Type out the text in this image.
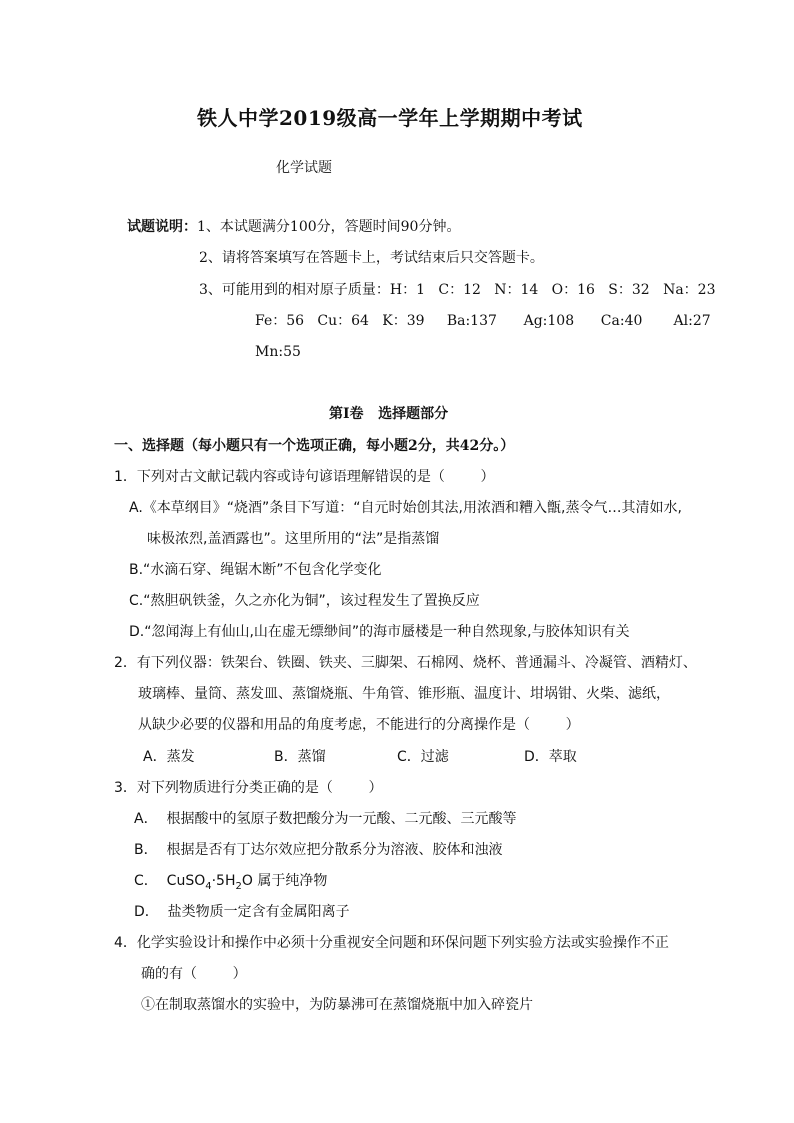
铁人中学2019级高一学年上学期期中考试
化学试题
试题说明：1、本试题满分100分，答题时间90分钟。
2、请将答案填写在答题卡上，考试结束后只交答题卡。
3、可能用到的相对原子质量：H：1   C：12   N：14   O：16   S：32   Na：23
Fe：56   Cu：64   K：39     Ba:137      Ag:108      Ca:40       Al:27
Mn:55
第Ⅰ卷   选择题部分
一、选择题（每小题只有一个选项正确，每小题2分，共42分。）
1．下列对古文献记载内容或诗句谚语理解错误的是（        ）
A.《本草纲目》“烧酒”条目下写道：“自元时始创其法,用浓酒和糟入甑,蒸令气…其清如水,
味极浓烈,盖酒露也”。这里所用的“法”是指蒸馏
B.“水滴石穿、绳锯木断”不包含化学变化
C.“熬胆矾铁釜，久之亦化为铜”，该过程发生了置换反应
D.“忽闻海上有仙山,山在虚无缥缈间”的海市蜃楼是一种自然现象,与胶体知识有关
2．有下列仪器：铁架台、铁圈、铁夹、三脚架、石棉网、烧杯、普通漏斗、冷凝管、酒精灯、
玻璃棒、量筒、蒸发皿、蒸馏烧瓶、牛角管、锥形瓶、温度计、坩埚钳、火柴、滤纸，
从缺少必要的仪器和用品的角度考虑，不能进行的分离操作是（        ）
A．蒸发	B．蒸馏	C．过滤	D．萃取
3．对下列物质进行分类正确的是（        ）
A．  根据酸中的氢原子数把酸分为一元酸、二元酸、三元酸等
B．  根据是否有丁达尔效应把分散系分为溶液、胶体和浊液
C．  $CuSO_4\cdot 5H_2O$ 属于纯净物
D．  盐类物质一定含有金属阳离子
4．化学实验设计和操作中必须十分重视安全问题和环保问题下列实验方法或实验操作不正
确的有（        ）
①在制取蒸馏水的实验中，为防暴沸可在蒸馏烧瓶中加入碎瓷片
